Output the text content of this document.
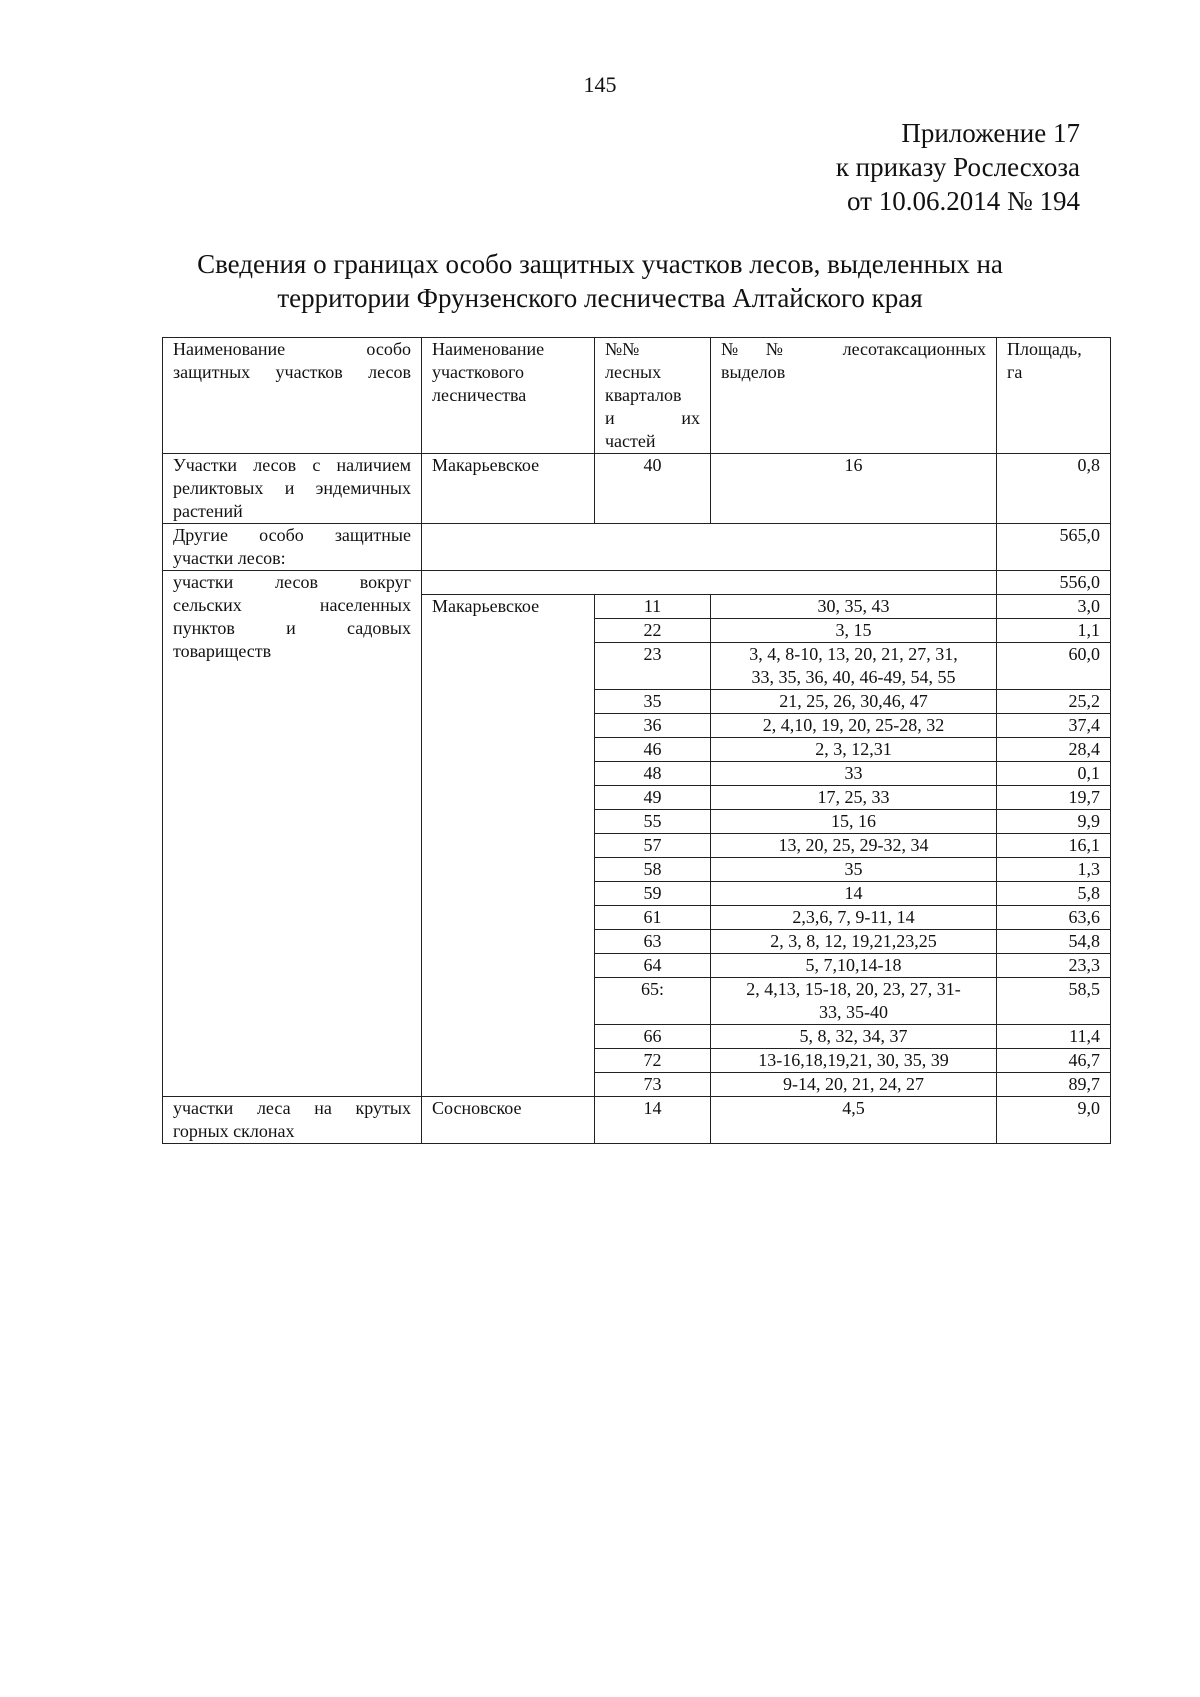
145
Приложение 17
к приказу Рослесхоза
от 10.06.2014 № 194
Сведения о границах особо защитных участков лесов, выделенных на
территории Фрунзенского лесничества Алтайского края
Наименование особо
защитных участков лесов	Наименование
участкового
лесничества	№№
лесных
кварталов
и их
частей	№№ лесотаксационных
выделов	Площадь,
га

Участки лесов с наличием
реликтовых и эндемичных
растений	Макарьевское	40	16	0,8

Другие особо защитные
участки лесов:				565,0

участки лесов вокруг
сельских населенных
пунктов и садовых
товариществ				556,0
	Макарьевское	11	30, 35, 43	3,0
		22	3, 15	1,1
		23	3, 4, 8-10, 13, 20, 21, 27, 31,
33, 35, 36, 40, 46-49, 54, 55	60,0
		35	21, 25, 26, 30,46, 47	25,2
		36	2, 4,10, 19, 20, 25-28, 32	37,4
		46	2, 3, 12,31	28,4
		48	33	0,1
		49	17, 25, 33	19,7
		55	15, 16	9,9
		57	13, 20, 25, 29-32, 34	16,1
		58	35	1,3
		59	14	5,8
		61	2,3,6, 7, 9-11, 14	63,6
		63	2, 3, 8, 12, 19,21,23,25	54,8
		64	5, 7,10,14-18	23,3
		65:	2, 4,13, 15-18, 20, 23, 27, 31-
33, 35-40	58,5
		66	5, 8, 32, 34, 37	11,4
		72	13-16,18,19,21, 30, 35, 39	46,7
		73	9-14, 20, 21, 24, 27	89,7

участки леса на крутых
горных склонах	Сосновское	14	4,5	9,0
